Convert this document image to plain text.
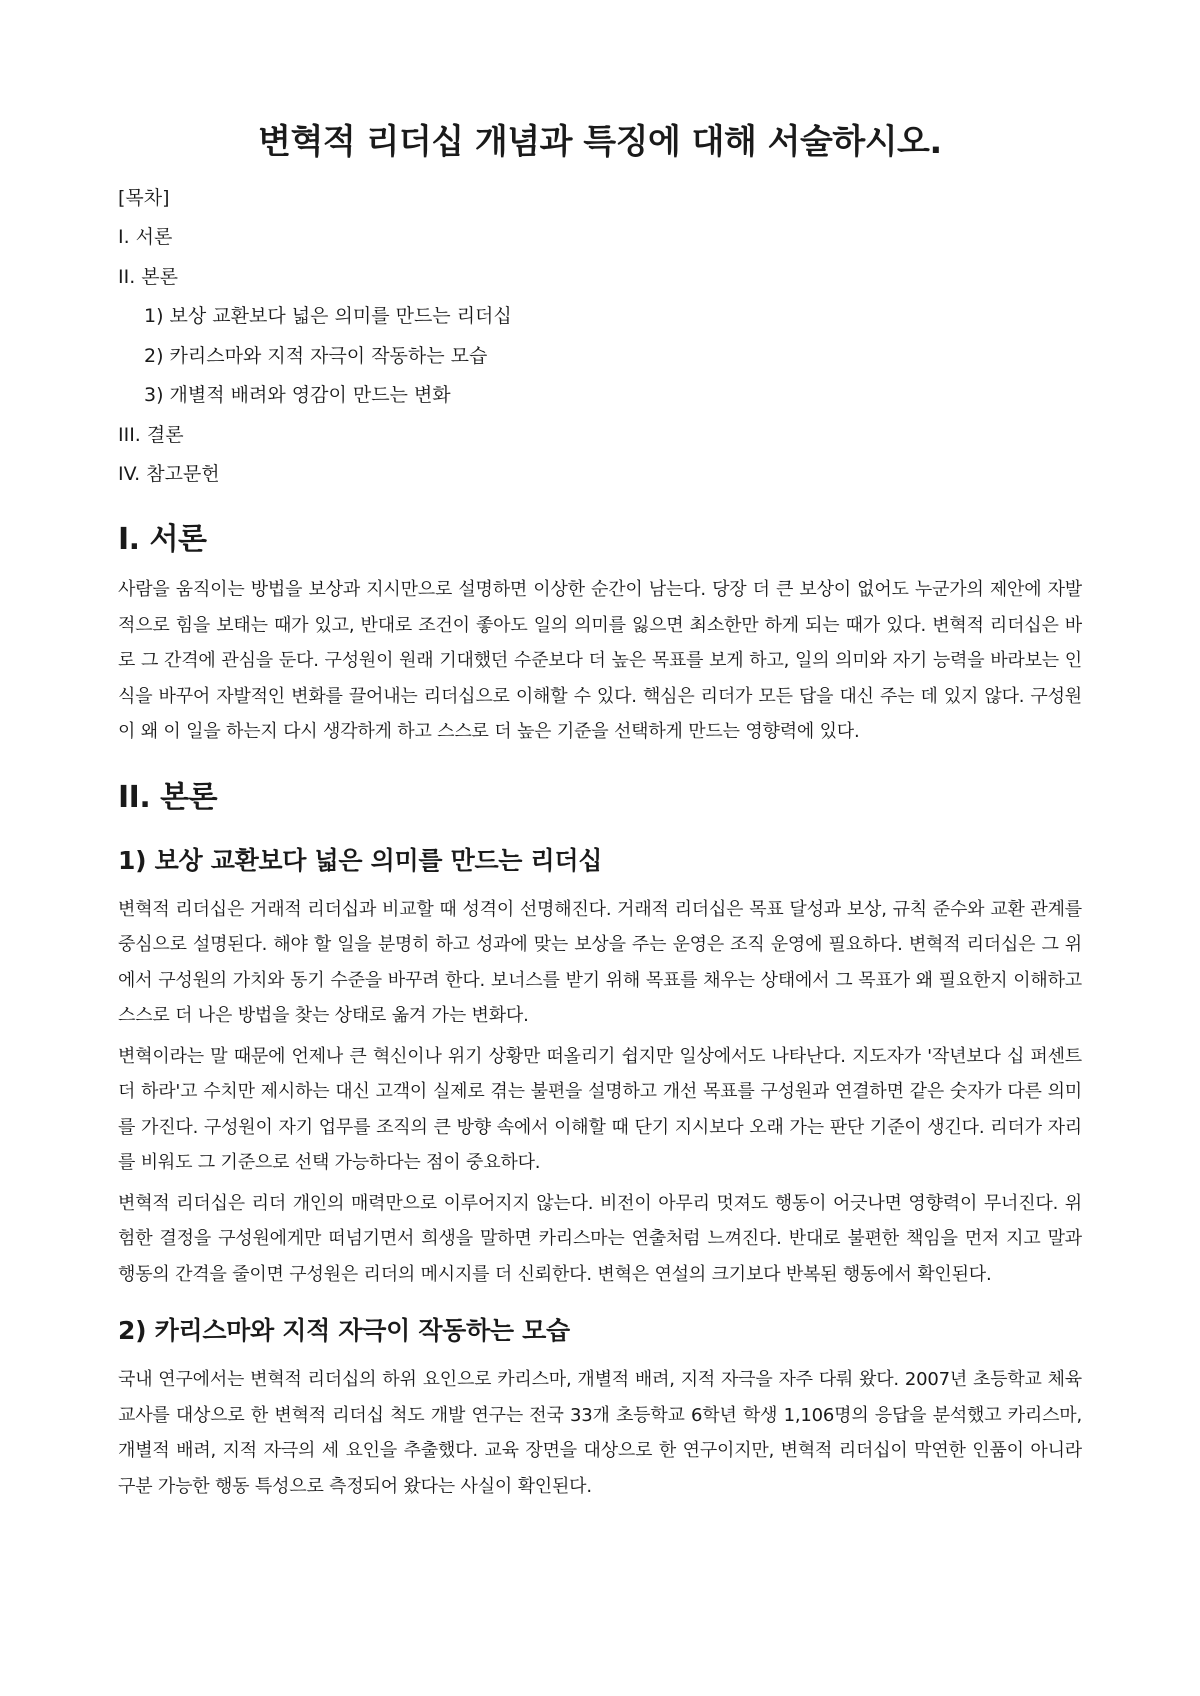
변혁적 리더십 개념과 특징에 대해 서술하시오.
[목차]
I. 서론
II. 본론
1) 보상 교환보다 넓은 의미를 만드는 리더십
2) 카리스마와 지적 자극이 작동하는 모습
3) 개별적 배려와 영감이 만드는 변화
III. 결론
IV. 참고문헌
I. 서론

사람을 움직이는 방법을 보상과 지시만으로 설명하면 이상한 순간이 남는다. 당장 더 큰 보상이 없어도 누군가의 제안에 자발적으로 힘을 보태는 때가 있고, 반대로 조건이 좋아도 일의 의미를 잃으면 최소한만 하게 되는 때가 있다. 변혁적 리더십은 바로 그 간격에 관심을 둔다. 구성원이 원래 기대했던 수준보다 더 높은 목표를 보게 하고, 일의 의미와 자기 능력을 바라보는 인식을 바꾸어 자발적인 변화를 끌어내는 리더십으로 이해할 수 있다. 핵심은 리더가 모든 답을 대신 주는 데 있지 않다. 구성원이 왜 이 일을 하는지 다시 생각하게 하고 스스로 더 높은 기준을 선택하게 만드는 영향력에 있다.

II. 본론
1) 보상 교환보다 넓은 의미를 만드는 리더십

변혁적 리더십은 거래적 리더십과 비교할 때 성격이 선명해진다. 거래적 리더십은 목표 달성과 보상, 규칙 준수와 교환 관계를 중심으로 설명된다. 해야 할 일을 분명히 하고 성과에 맞는 보상을 주는 운영은 조직 운영에 필요하다. 변혁적 리더십은 그 위에서 구성원의 가치와 동기 수준을 바꾸려 한다. 보너스를 받기 위해 목표를 채우는 상태에서 그 목표가 왜 필요한지 이해하고 스스로 더 나은 방법을 찾는 상태로 옮겨 가는 변화다.

변혁이라는 말 때문에 언제나 큰 혁신이나 위기 상황만 떠올리기 쉽지만 일상에서도 나타난다. 지도자가 '작년보다 십 퍼센트 더 하라'고 수치만 제시하는 대신 고객이 실제로 겪는 불편을 설명하고 개선 목표를 구성원과 연결하면 같은 숫자가 다른 의미를 가진다. 구성원이 자기 업무를 조직의 큰 방향 속에서 이해할 때 단기 지시보다 오래 가는 판단 기준이 생긴다. 리더가 자리를 비워도 그 기준으로 선택 가능하다는 점이 중요하다.

변혁적 리더십은 리더 개인의 매력만으로 이루어지지 않는다. 비전이 아무리 멋져도 행동이 어긋나면 영향력이 무너진다. 위험한 결정을 구성원에게만 떠넘기면서 희생을 말하면 카리스마는 연출처럼 느껴진다. 반대로 불편한 책임을 먼저 지고 말과 행동의 간격을 줄이면 구성원은 리더의 메시지를 더 신뢰한다. 변혁은 연설의 크기보다 반복된 행동에서 확인된다.

2) 카리스마와 지적 자극이 작동하는 모습

국내 연구에서는 변혁적 리더십의 하위 요인으로 카리스마, 개별적 배려, 지적 자극을 자주 다뤄 왔다. 2007년 초등학교 체육교사를 대상으로 한 변혁적 리더십 척도 개발 연구는 전국 33개 초등학교 6학년 학생 1,106명의 응답을 분석했고 카리스마, 개별적 배려, 지적 자극의 세 요인을 추출했다. 교육 장면을 대상으로 한 연구이지만, 변혁적 리더십이 막연한 인품이 아니라 구분 가능한 행동 특성으로 측정되어 왔다는 사실이 확인된다.
